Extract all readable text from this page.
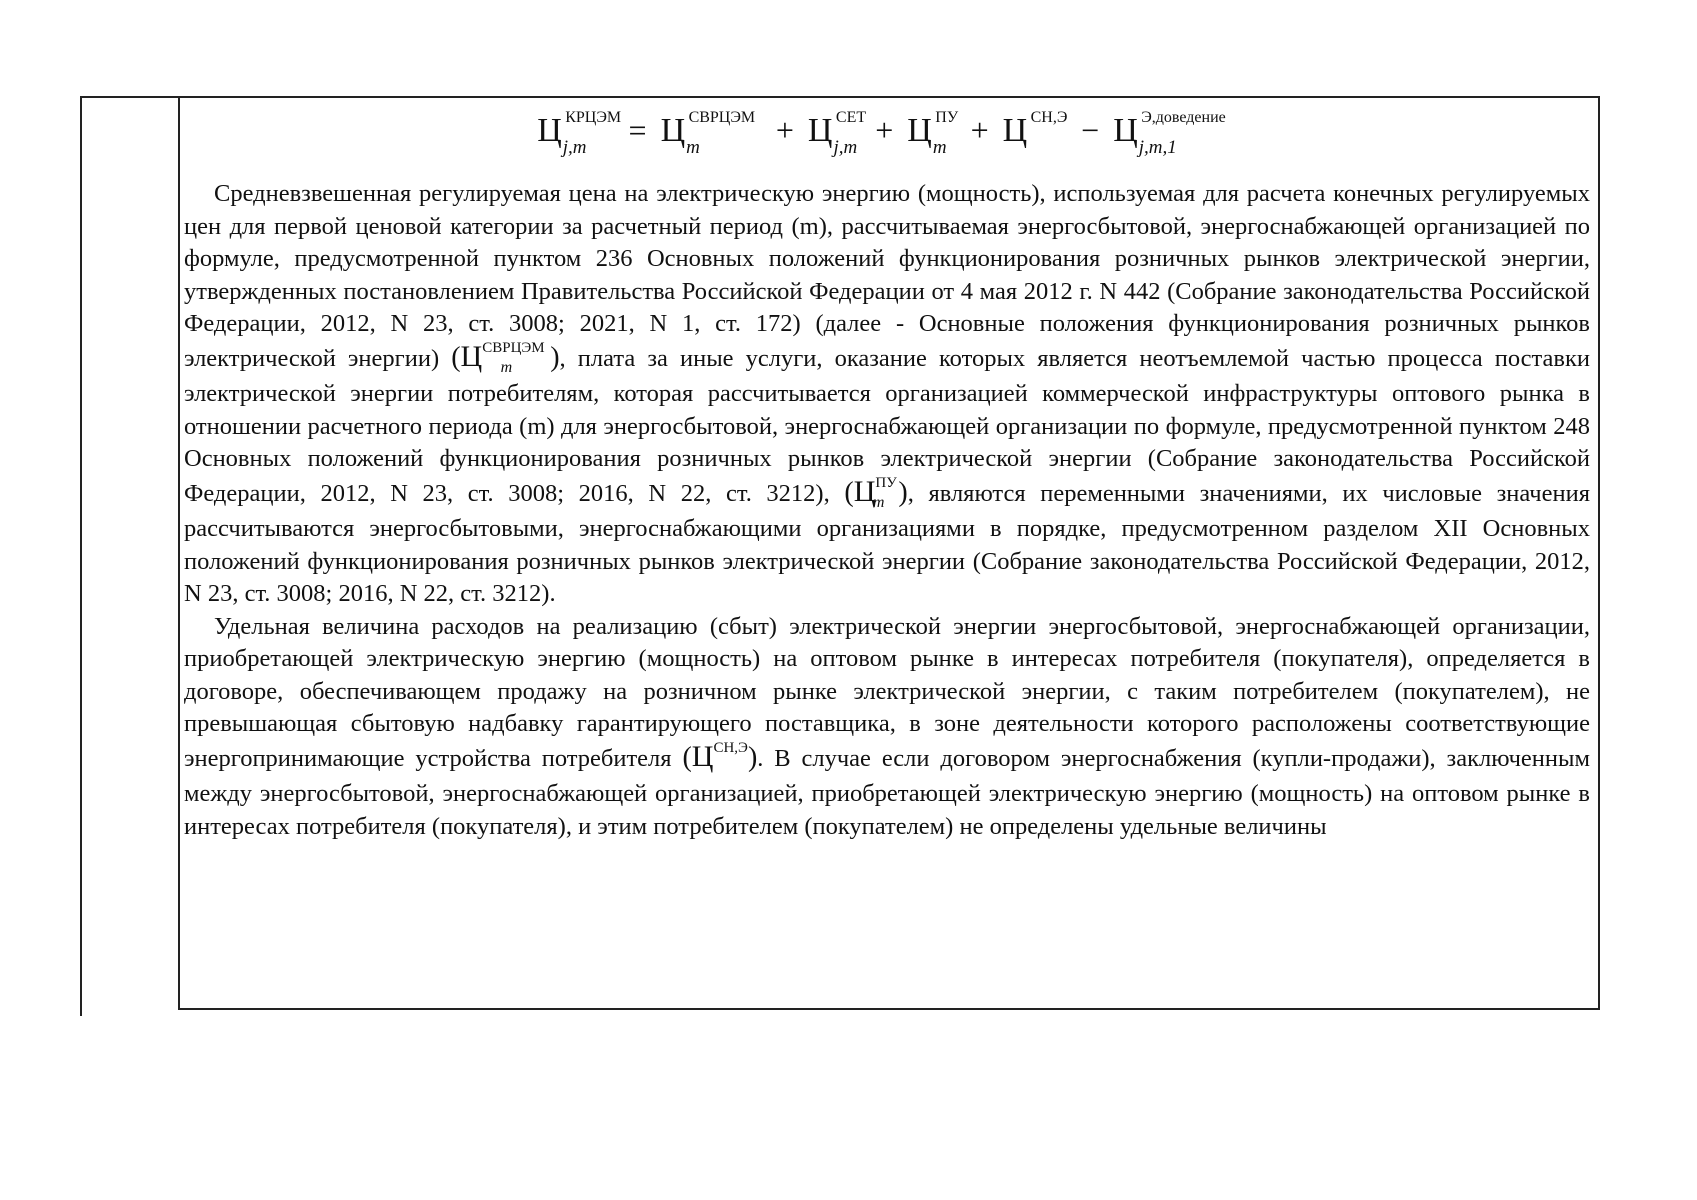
Ц КРЦЭМ
$_{j,m}$ = Ц СВРЦЭМ
$_m$ + Ц СЕТ
$_{j,m}$ + Ц ПУ
$_m$ + Ц СН,Э − Ц Э,доведение
$_{j,m,1}$

Средневзвешенная регулируемая цена на электрическую энергию (мощность), используемая для расчета конечных регулируемых цен для первой ценовой категории за расчетный период (m), рассчитываемая энергосбытовой, энергоснабжающей организацией по формуле, предусмотренной пунктом 236 Основных положений функционирования розничных рынков электрической энергии, утвержденных постановлением Правительства Российской Федерации от 4 мая 2012 г. N 442 (Собрание законодательства Российской Федерации, 2012, N 23, ст. 3008; 2021, N 1, ст. 172) (далее - Основные положения функционирования розничных рынков электрической энергии) ($Ц^{СВРЦЭМ}_m$ ), плата за иные услуги, оказание которых является неотъемлемой частью процесса поставки электрической энергии потребителям, которая рассчитывается организацией коммерческой инфраструктуры оптового рынка в отношении расчетного периода (m) для энергосбытовой, энергоснабжающей организации по формуле, предусмотренной пунктом 248 Основных положений функционирования розничных рынков электрической энергии (Собрание законодательства Российской Федерации, 2012, N 23, ст. 3008; 2016, N 22, ст. 3212), ($Ц^{ПУ}_m$ ), являются переменными значениями, их числовые значения рассчитываются энергосбытовыми, энергоснабжающими организациями в порядке, предусмотренном разделом XII Основных положений функционирования розничных рынков электрической энергии (Собрание законодательства Российской Федерации, 2012, N 23, ст. 3008; 2016, N 22, ст. 3212).

Удельная величина расходов на реализацию (сбыт) электрической энергии энергосбытовой, энергоснабжающей организации, приобретающей электрическую энергию (мощность) на оптовом рынке в интересах потребителя (покупателя), определяется в договоре, обеспечивающем продажу на розничном рынке электрической энергии, с таким потребителем (покупателем), не превышающая сбытовую надбавку гарантирующего поставщика, в зоне деятельности которого расположены соответствующие энергопринимающие устройства потребителя $(Ц^{СН,Э})$. В случае если договором энергоснабжения (купли-продажи), заключенным между энергосбытовой, энергоснабжающей организацией, приобретающей электрическую энергию (мощность) на оптовом рынке в интересах потребителя (покупателя), и этим потребителем (покупателем) не определены удельные величины
